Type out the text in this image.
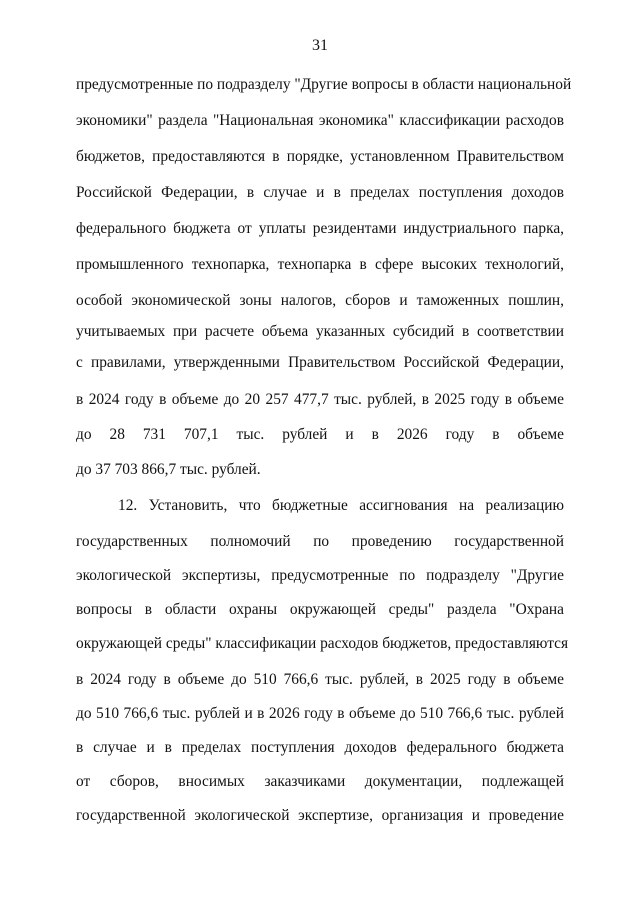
31
предусмотренные по подразделу "Другие вопросы в области национальной
экономики" раздела "Национальная экономика" классификации расходов
бюджетов, предоставляются в порядке, установленном Правительством
Российской Федерации, в случае и в пределах поступления доходов
федерального бюджета от уплаты резидентами индустриального парка,
промышленного технопарка, технопарка в сфере высоких технологий,
особой экономической зоны налогов, сборов и таможенных пошлин,
учитываемых при расчете объема указанных субсидий в соответствии
с правилами, утвержденными Правительством Российской Федерации,
в 2024 году в объеме до 20 257 477,7 тыс. рублей, в 2025 году в объеме
до 28 731 707,1 тыс. рублей и в 2026 году в объеме
до 37 703 866,7 тыс. рублей.
12. Установить, что бюджетные ассигнования на реализацию
государственных полномочий по проведению государственной
экологической экспертизы, предусмотренные по подразделу "Другие
вопросы в области охраны окружающей среды" раздела "Охрана
окружающей среды" классификации расходов бюджетов, предоставляются
в 2024 году в объеме до 510 766,6 тыс. рублей, в 2025 году в объеме
до 510 766,6 тыс. рублей и в 2026 году в объеме до 510 766,6 тыс. рублей
в случае и в пределах поступления доходов федерального бюджета
от сборов, вносимых заказчиками документации, подлежащей
государственной экологической экспертизе, организация и проведение
